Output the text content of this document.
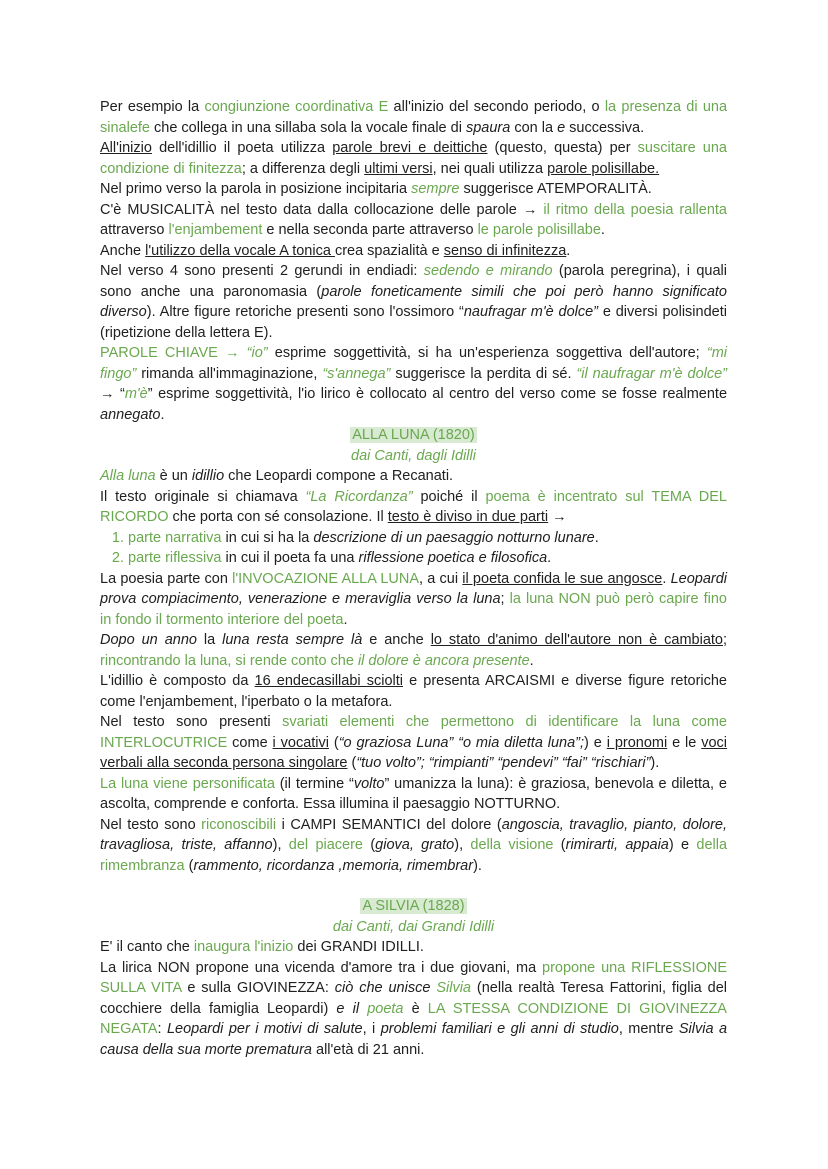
Per esempio la congiunzione coordinativa E all'inizio del secondo periodo, o la presenza di una sinalefe che collega in una sillaba sola la vocale finale di spaura con la e successiva.

All'inizio dell'idillio il poeta utilizza parole brevi e deittiche (questo, questa) per suscitare una condizione di finitezza; a differenza degli ultimi versi, nei quali utilizza parole polisillabe.

Nel primo verso la parola in posizione incipitaria sempre suggerisce ATEMPORALITÀ.

C'è MUSICALITÀ nel testo data dalla collocazione delle parole → il ritmo della poesia rallenta attraverso l'enjambement e nella seconda parte attraverso le parole polisillabe.

Anche l'utilizzo della vocale A tonica crea spazialità e senso di infinitezza.

Nel verso 4 sono presenti 2 gerundi in endiadi: sedendo e mirando (parola peregrina), i quali sono anche una paronomasia (parole foneticamente simili che poi però hanno significato diverso). Altre figure retoriche presenti sono l'ossimoro “naufragar m'è dolce” e diversi polisindeti (ripetizione della lettera E).

PAROLE CHIAVE → “io” esprime soggettività, si ha un'esperienza soggettiva dell'autore; “mi fingo” rimanda all'immaginazione, “s'annega” suggerisce la perdita di sé. “il naufragar m'è dolce” → “m'è” esprime soggettività, l'io lirico è collocato al centro del verso come se fosse realmente annegato.

ALLA LUNA (1820)

dai Canti, dagli Idilli

Alla luna è un idillio che Leopardi compone a Recanati.

Il testo originale si chiamava “La Ricordanza” poiché il poema è incentrato sul TEMA DEL RICORDO che porta con sé consolazione. Il testo è diviso in due parti →

1. parte narrativa in cui si ha la descrizione di un paesaggio notturno lunare.
2. parte riflessiva in cui il poeta fa una riflessione poetica e filosofica.

La poesia parte con l'INVOCAZIONE ALLA LUNA, a cui il poeta confida le sue angosce. Leopardi prova compiacimento, venerazione e meraviglia verso la luna; la luna NON può però capire fino in fondo il tormento interiore del poeta.

Dopo un anno la luna resta sempre là e anche lo stato d'animo dell'autore non è cambiato; rincontrando la luna, si rende conto che il dolore è ancora presente.

L'idillio è composto da 16 endecasillabi sciolti e presenta ARCAISMI e diverse figure retoriche come l'enjambement, l'iperbato o la metafora.

Nel testo sono presenti svariati elementi che permettono di identificare la luna come INTERLOCUTRICE come i vocativi (“o graziosa Luna” “o mia diletta luna”;) e i pronomi e le voci verbali alla seconda persona singolare (“tuo volto”; “rimpianti” “pendevi” “fai” “rischiari”).

La luna viene personificata (il termine “volto” umanizza la luna): è graziosa, benevola e diletta, e ascolta, comprende e conforta. Essa illumina il paesaggio NOTTURNO.

Nel testo sono riconoscibili i CAMPI SEMANTICI del dolore (angoscia, travaglio, pianto, dolore, travagliosa, triste, affanno), del piacere (giova, grato), della visione (rimirarti, appaia) e della rimembranza (rammento, ricordanza ,memoria, rimembrar).

A SILVIA (1828)

dai Canti, dai Grandi Idilli

E' il canto che inaugura l'inizio dei GRANDI IDILLI.

La lirica NON propone una vicenda d'amore tra i due giovani, ma propone una RIFLESSIONE SULLA VITA e sulla GIOVINEZZA: ciò che unisce Silvia (nella realtà Teresa Fattorini, figlia del cocchiere della famiglia Leopardi) e il poeta è LA STESSA CONDIZIONE DI GIOVINEZZA NEGATA: Leopardi per i motivi di salute, i problemi familiari e gli anni di studio, mentre Silvia a causa della sua morte prematura all'età di 21 anni.
